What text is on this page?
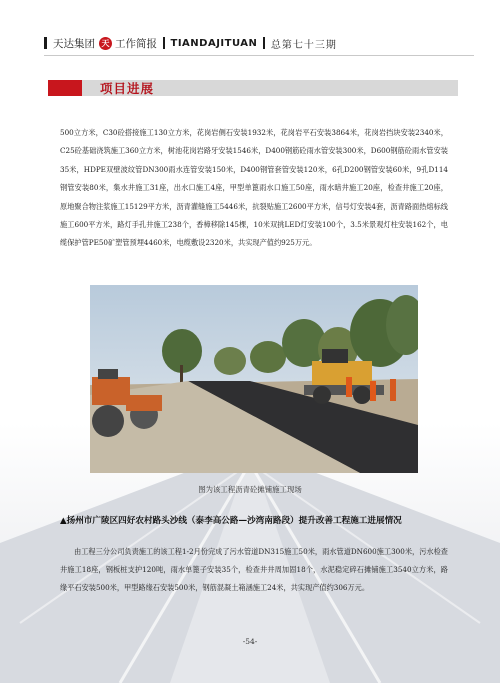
天达集团 天 工作简报 TIANDAJITUAN 总第七十三期
项目进展

500立方米，C30砼搭接施工130立方米，花岗岩侧石安装1932米，花岗岩平石安装3864米，花岗岩挡块安装2340米，C25砼基础浇筑施工360立方米，树池花岗岩路牙安装1546米，D400钢筋砼雨水管安装300米，D600钢筋砼雨水管安装35米，HDPE双壁波纹管DN300雨水连管安装150米，D400钢管套管安装120米，6孔D200钢管安装60米，9孔D114钢管安装80米，集水井施工31座，出水口施工4座，甲型单篦雨水口施工50座，雨水暗井施工20座，检查井施工20座，原地聚合物注浆施工15129平方米，沥青灌缝施工5446米，抗裂贴施工2600平方米，信号灯安装4套，沥青路面热熔标线施工600平方米，路灯手孔井施工238个，香樟移除145棵，10米双挑LED灯安装100个，3.5米景观灯柱安装162个，电缆保护管PE50矿塑管预埋4460米，电缆敷设2320米，共实现产值约925万元。

图为该工程沥青砼摊铺施工现场

▲扬州市广陵区四好农村路头沙线（泰李高公路—沙湾南路段）提升改善工程施工进展情况

由工程三分公司负责施工的该工程1-2月份完成了污水管道DN315施工50米，雨水管道DN600施工300米，污水检查井施工18座，钢板桩支护120吨，雨水单篦子安装35个，检查井井周加固18个，水泥稳定碎石摊铺施工3540立方米，路缘平石安装500米，甲型路缘石安装500米，钢筋混凝土箱涵施工24米，共实现产值约306万元。

-54-
